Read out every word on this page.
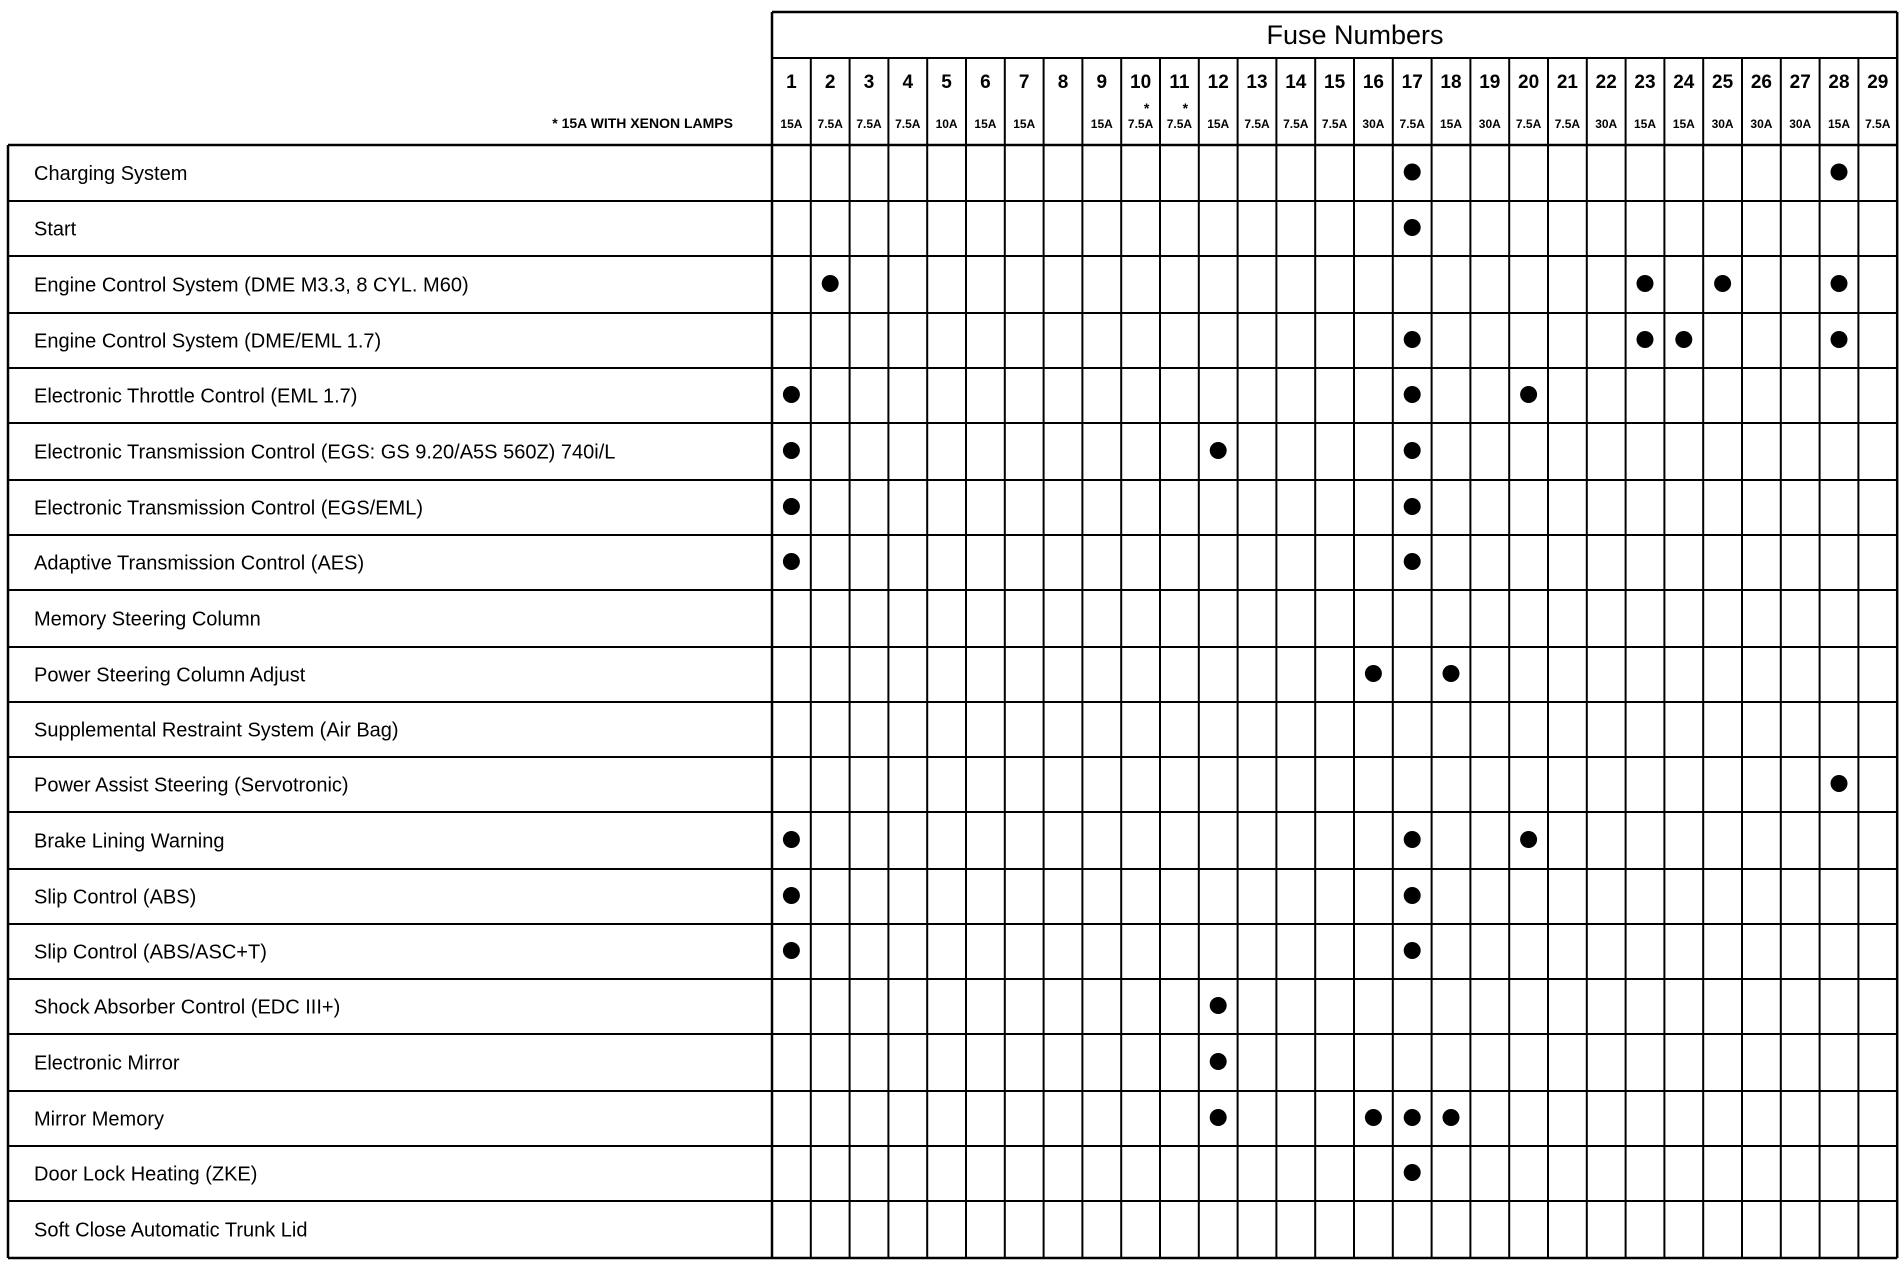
Fuse Numbers
* 15A WITH XENON LAMPS
1
15A
2
7.5A
3
7.5A
4
7.5A
5
10A
6
15A
7
15A
8 9
15A
10
7.5A
*
11
7.5A
*
12
15A
13
7.5A
14
7.5A
15
7.5A
16
30A
17
7.5A
18
15A
19
30A
20
7.5A
21
7.5A
22
30A
23
15A
24
15A
25
30A
26
30A
27
30A
28
15A
29
7.5A
Charging System
Start
Engine Control System (DME M3.3, 8 CYL. M60)
Engine Control System (DME/EML 1.7)
Electronic Throttle Control (EML 1.7)
Electronic Transmission Control (EGS: GS 9.20/A5S 560Z) 740i/L
Electronic Transmission Control (EGS/EML)
Adaptive Transmission Control (AES)
Memory Steering Column
Power Steering Column Adjust
Supplemental Restraint System (Air Bag)
Power Assist Steering (Servotronic)
Brake Lining Warning
Slip Control (ABS)
Slip Control (ABS/ASC+T)
Shock Absorber Control (EDC III+)
Electronic Mirror
Mirror Memory
Door Lock Heating (ZKE)
Soft Close Automatic Trunk Lid
